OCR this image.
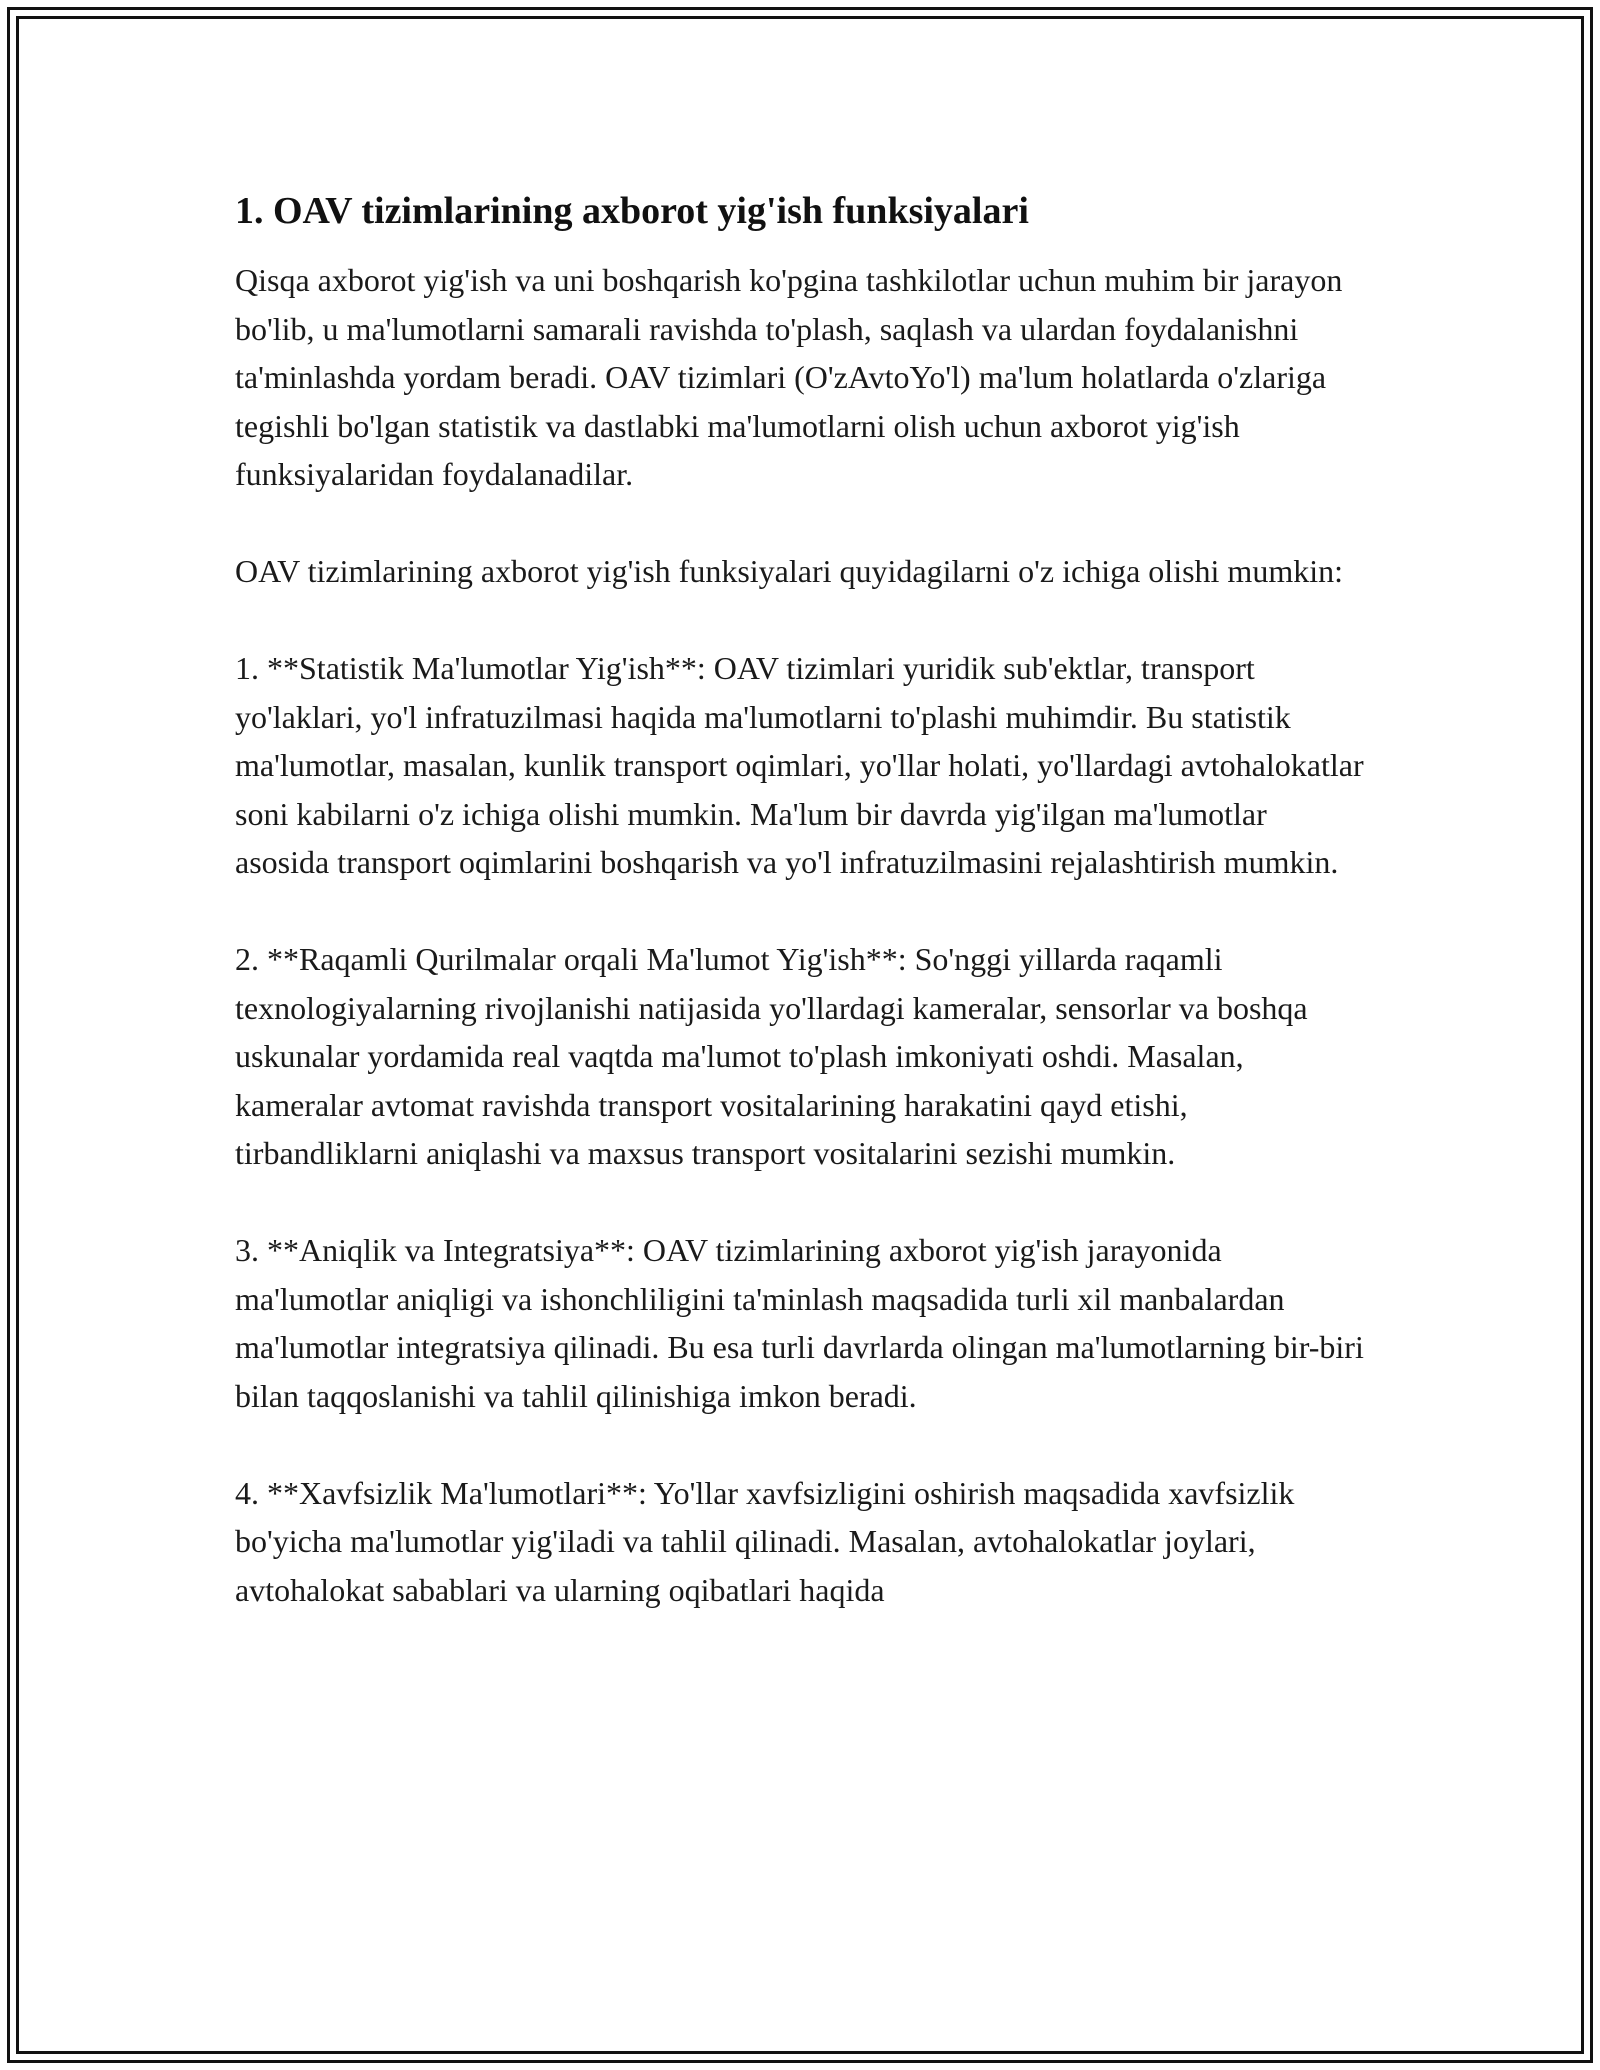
1. OAV tizimlarining axborot yig'ish funksiyalari

Qisqa axborot yig'ish va uni boshqarish ko'pgina tashkilotlar uchun muhim bir jarayon bo'lib, u ma'lumotlarni samarali ravishda to'plash, saqlash va ulardan foydalanishni ta'minlashda yordam beradi. OAV tizimlari (O'zAvtoYo'l) ma'lum holatlarda o'zlariga tegishli bo'lgan statistik va dastlabki ma'lumotlarni olish uchun axborot yig'ish funksiyalaridan foydalanadilar.

OAV tizimlarining axborot yig'ish funksiyalari quyidagilarni o'z ichiga olishi mumkin:

1. **Statistik Ma'lumotlar Yig'ish**: OAV tizimlari yuridik sub'ektlar, transport yo'laklari, yo'l infratuzilmasi haqida ma'lumotlarni to'plashi muhimdir. Bu statistik ma'lumotlar, masalan, kunlik transport oqimlari, yo'llar holati, yo'llardagi avtohalokatlar soni kabilarni o'z ichiga olishi mumkin. Ma'lum bir davrda yig'ilgan ma'lumotlar asosida transport oqimlarini boshqarish va yo'l infratuzilmasini rejalashtirish mumkin.

2. **Raqamli Qurilmalar orqali Ma'lumot Yig'ish**: So'nggi yillarda raqamli texnologiyalarning rivojlanishi natijasida yo'llardagi kameralar, sensorlar va boshqa uskunalar yordamida real vaqtda ma'lumot to'plash imkoniyati oshdi. Masalan, kameralar avtomat ravishda transport vositalarining harakatini qayd etishi, tirbandliklarni aniqlashi va maxsus transport vositalarini sezishi mumkin.

3. **Aniqlik va Integratsiya**: OAV tizimlarining axborot yig'ish jarayonida ma'lumotlar aniqligi va ishonchliligini ta'minlash maqsadida turli xil manbalardan ma'lumotlar integratsiya qilinadi. Bu esa turli davrlarda olingan ma'lumotlarning bir-biri bilan taqqoslanishi va tahlil qilinishiga imkon beradi.

4. **Xavfsizlik Ma'lumotlari**: Yo'llar xavfsizligini oshirish maqsadida xavfsizlik bo'yicha ma'lumotlar yig'iladi va tahlil qilinadi. Masalan, avtohalokatlar joylari, avtohalokat sabablari va ularning oqibatlari haqida
